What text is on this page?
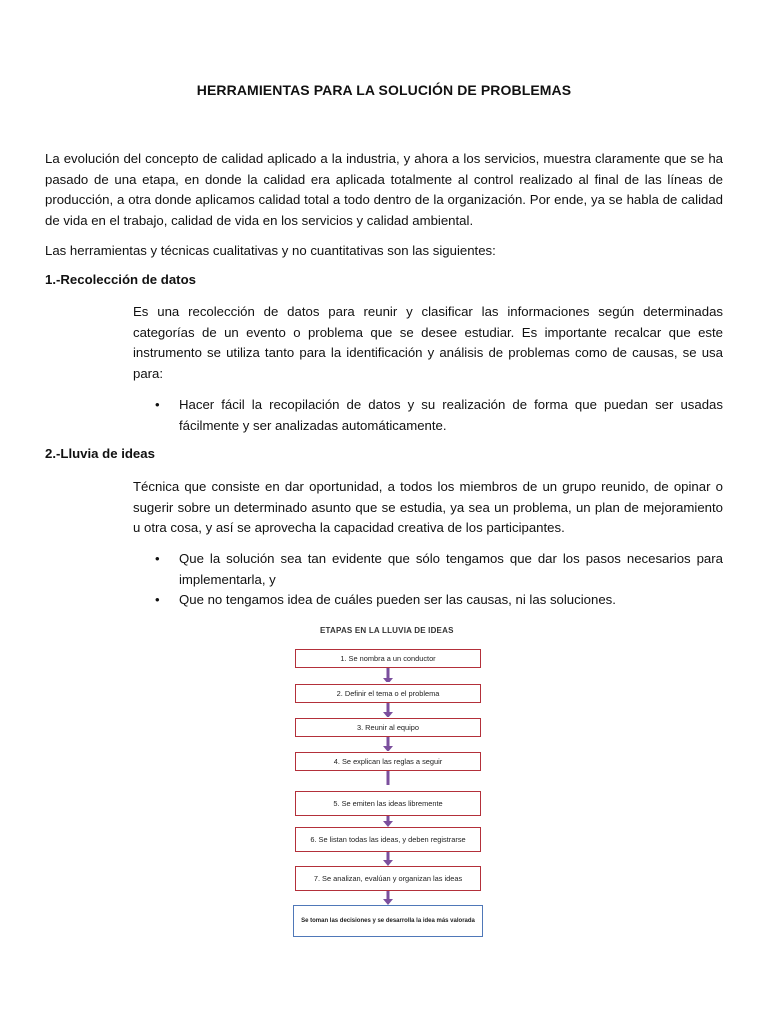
HERRAMIENTAS PARA LA SOLUCIÓN DE PROBLEMAS
La evolución del concepto de calidad aplicado a la industria, y ahora a los servicios, muestra claramente que se ha pasado de una etapa, en donde la calidad era aplicada totalmente al control realizado al final de las líneas de producción, a otra donde aplicamos calidad total a todo dentro de la organización. Por ende, ya se habla de calidad de vida en el trabajo, calidad de vida en los servicios y calidad ambiental.
Las herramientas y técnicas cualitativas y no cuantitativas son las siguientes:
1.-Recolección de datos
Es una recolección de datos para reunir y clasificar las informaciones según determinadas categorías de un evento o problema que se desee estudiar. Es importante recalcar que este instrumento se utiliza tanto para la identificación y análisis de problemas como de causas, se usa para:
• Hacer fácil la recopilación de datos y su realización de forma que puedan ser usadas fácilmente y ser analizadas automáticamente.
2.-Lluvia de ideas
Técnica que consiste en dar oportunidad, a todos los miembros de un grupo reunido, de opinar o sugerir sobre un determinado asunto que se estudia, ya sea un problema, un plan de mejoramiento u otra cosa, y así se aprovecha la capacidad creativa de los participantes.
• Que la solución sea tan evidente que sólo tengamos que dar los pasos necesarios para implementarla, y
• Que no tengamos idea de cuáles pueden ser las causas, ni las soluciones.
ETAPAS EN LA LLUVIA DE IDEAS
1. Se nombra a un conductor
2. Definir el tema o el problema
3. Reunir al equipo
4. Se explican las reglas a seguir
5. Se emiten las ideas libremente
6. Se listan todas las ideas, y deben registrarse
7. Se analizan, evalúan y organizan las ideas
Se toman las decisiones y se desarrolla la idea más valorada
